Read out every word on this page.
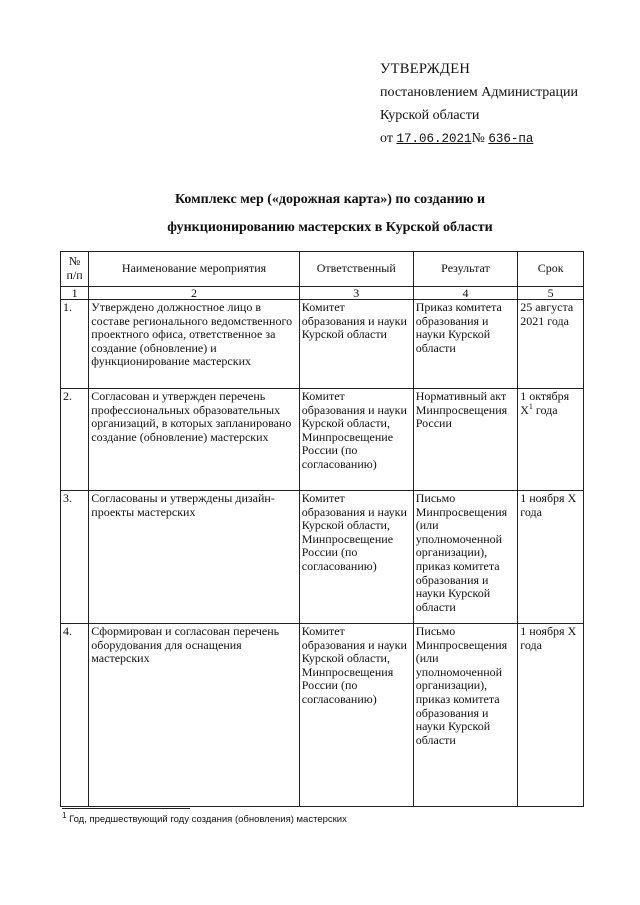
УТВЕРЖДЕН
постановлением Администрации
Курской области
от 17.06.2021№ 636-па
Комплекс мер («дорожная карта») по созданию и
функционированию мастерских в Курской области
№ п/п	Наименование мероприятия	Ответственный	Результат	Срок
1	2	3	4	5
1.	Утверждено должностное лицо в составе регионального ведомственного проектного офиса, ответственное за создание (обновление) и функционирование мастерских	Комитет образования и науки Курской области	Приказ комитета образования и науки Курской области	25 августа 2021 года
2.	Согласован и утвержден перечень профессиональных образовательных организаций, в которых запланировано создание (обновление) мастерских	Комитет образования и науки Курской области, Минпросвещение России (по согласованию)	Нормативный акт Минпросвещения России	1 октября $X^1$ года
3.	Согласованы и утверждены дизайн-проекты мастерских	Комитет образования и науки Курской области, Минпросвещение России (по согласованию)	Письмо Минпросвещения (или уполномоченной организации), приказ комитета образования и науки Курской области	1 ноября X года
4.	Сформирован и согласован перечень оборудования для оснащения мастерских	Комитет образования и науки Курской области, Минпросвещения России (по согласованию)	Письмо Минпросвещения (или уполномоченной организации), приказ комитета образования и науки Курской области	1 ноября X года
$^1$ Год, предшествующий году создания (обновления) мастерских
